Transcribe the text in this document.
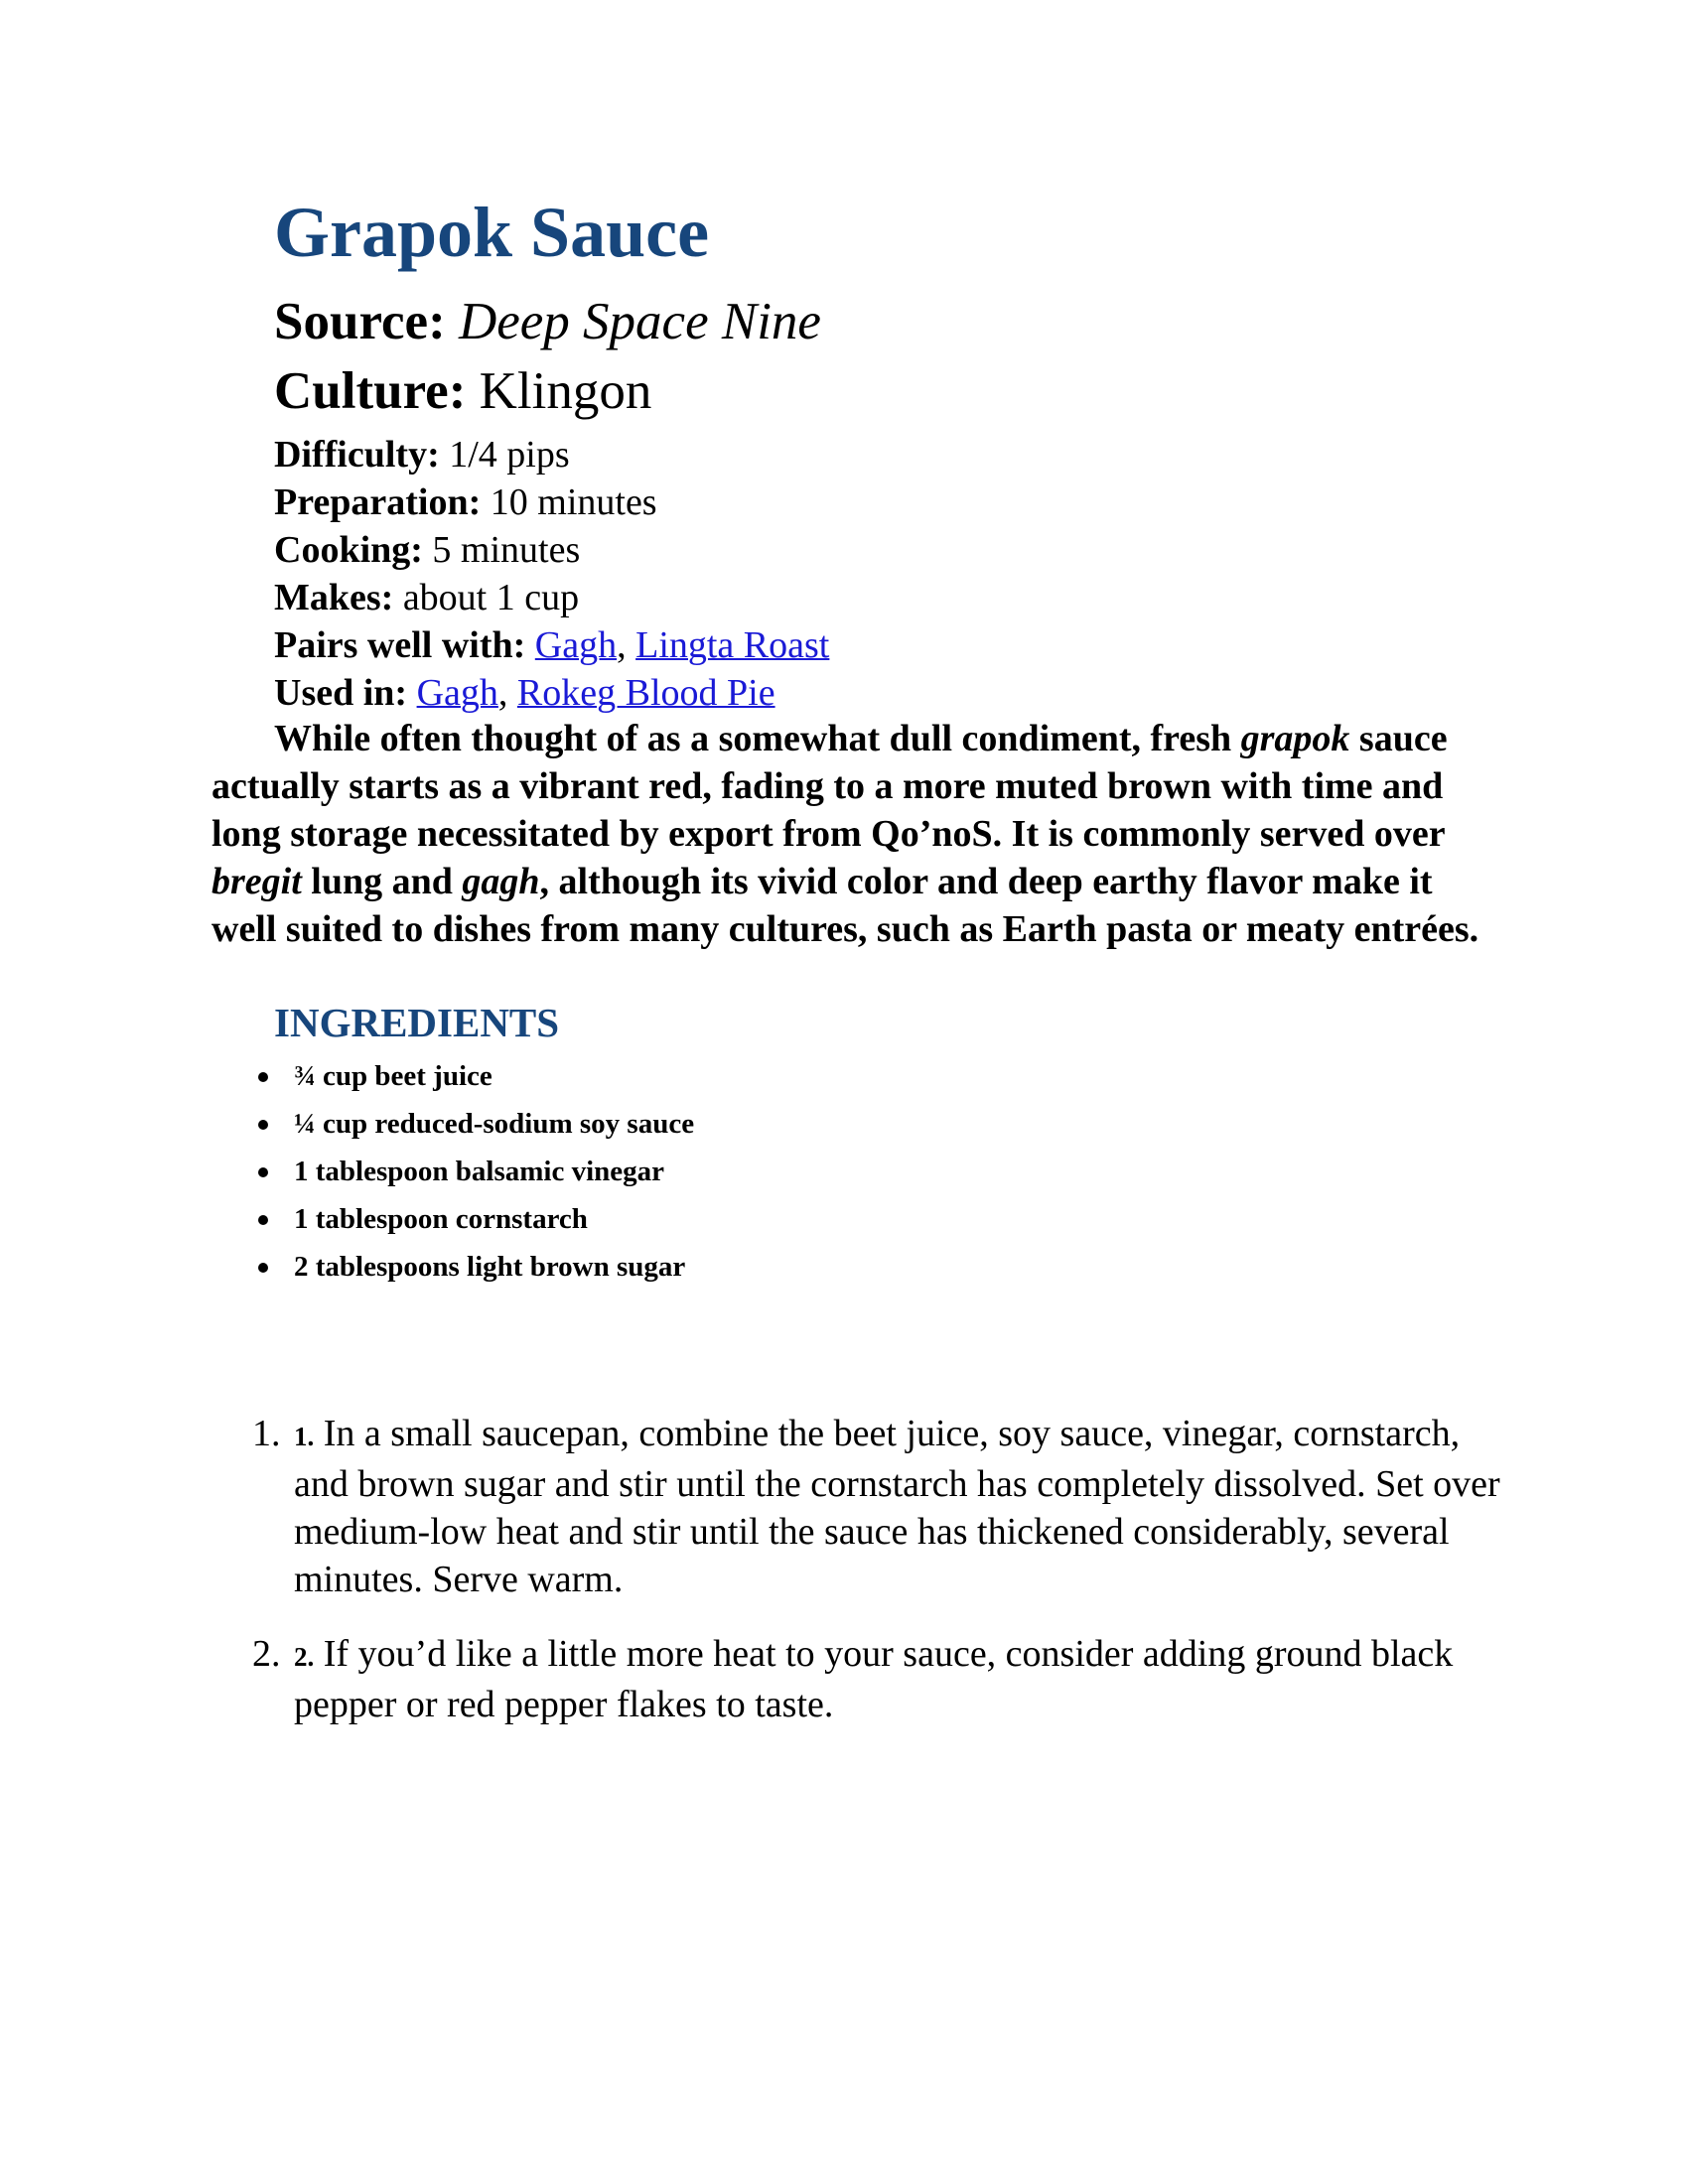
Grapok Sauce

Source: Deep Space Nine

Culture: Klingon

Difficulty: 1/4 pips
Preparation: 10 minutes
Cooking: 5 minutes
Makes: about 1 cup
Pairs well with: Gagh, Lingta Roast
Used in: Gagh, Rokeg Blood Pie

While often thought of as a somewhat dull condiment, fresh grapok sauce actually starts as a vibrant red, fading to a more muted brown with time and long storage necessitated by export from Qo’noS. It is commonly served over bregit lung and gagh, although its vivid color and deep earthy flavor make it well suited to dishes from many cultures, such as Earth pasta or meaty entrées.

INGREDIENTS
¾ cup beet juice
¼ cup reduced-sodium soy sauce
1 tablespoon balsamic vinegar
1 tablespoon cornstarch
2 tablespoons light brown sugar
1. 1. In a small saucepan, combine the beet juice, soy sauce, vinegar, cornstarch, and brown sugar and stir until the cornstarch has completely dissolved. Set over medium-low heat and stir until the sauce has thickened considerably, several minutes. Serve warm.
2. 2. If you’d like a little more heat to your sauce, consider adding ground black pepper or red pepper flakes to taste.
